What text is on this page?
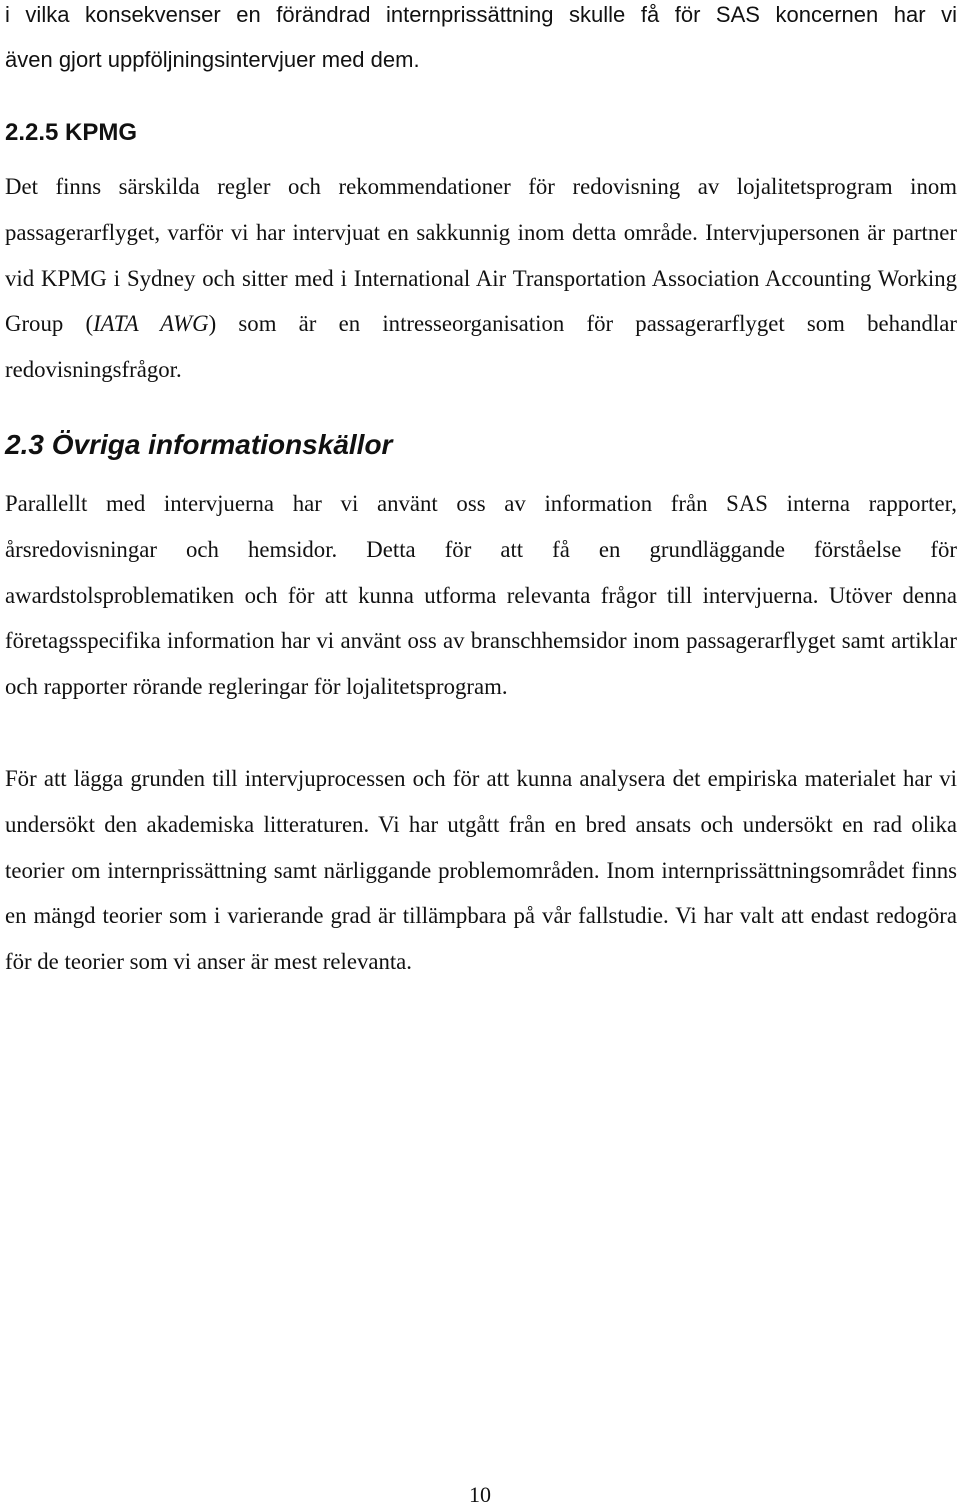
i vilka konsekvenser en förändrad internprissättning skulle få för SAS koncernen har vi
även gjort uppföljningsintervjuer med dem.
2.2.5 KPMG

Det finns särskilda regler och rekommendationer för redovisning av lojalitetsprogram inom passagerarflyget, varför vi har intervjuat en sakkunnig inom detta område. Intervjupersonen är partner vid KPMG i Sydney och sitter med i International Air Transportation Association Accounting Working Group (IATA AWG) som är en intresseorganisation för passagerarflyget som behandlar redovisningsfrågor.

2.3 Övriga informationskällor

Parallellt med intervjuerna har vi använt oss av information från SAS interna rapporter, årsredovisningar och hemsidor. Detta för att få en grundläggande förståelse för awardstolsproblematiken och för att kunna utforma relevanta frågor till intervjuerna. Utöver denna företagsspecifika information har vi använt oss av branschhemsidor inom passagerarflyget samt artiklar och rapporter rörande regleringar för lojalitetsprogram.

För att lägga grunden till intervjuprocessen och för att kunna analysera det empiriska materialet har vi undersökt den akademiska litteraturen. Vi har utgått från en bred ansats och undersökt en rad olika teorier om internprissättning samt närliggande problemområden. Inom internprissättningsområdet finns en mängd teorier som i varierande grad är tillämpbara på vår fallstudie. Vi har valt att endast redogöra för de teorier som vi anser är mest relevanta.

10
